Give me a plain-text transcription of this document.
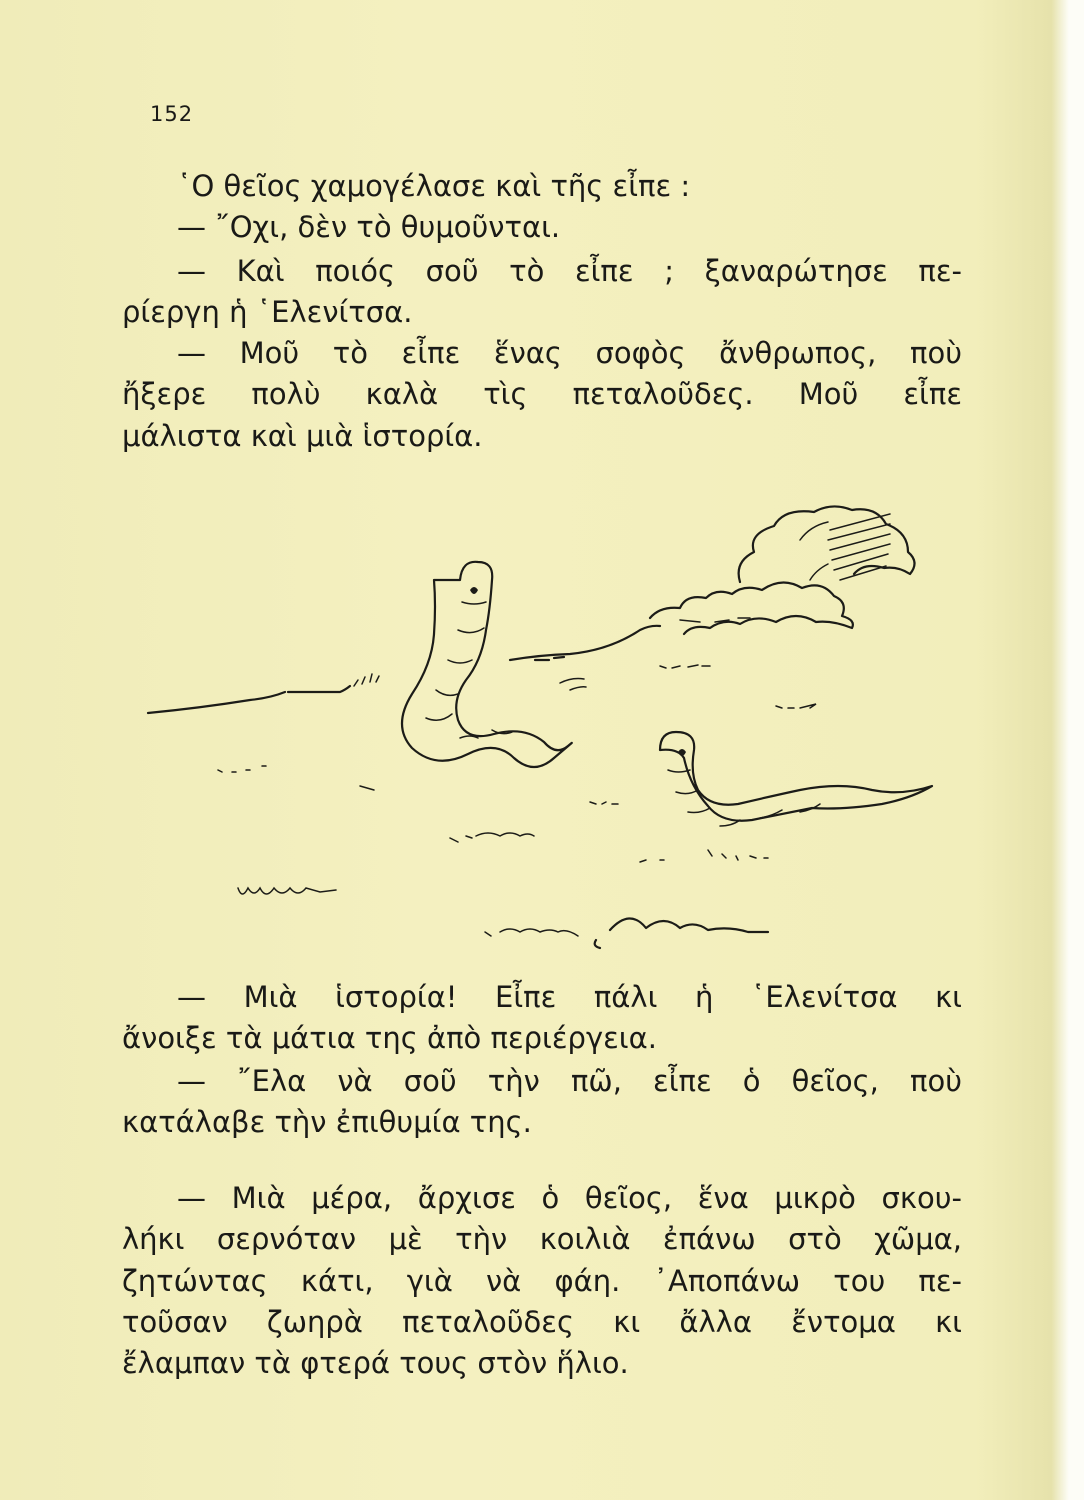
152
῾Ο θεῖος χαμογέλασε καὶ τῆς εἶπε :
— ῎Οχι, δὲν τὸ θυμοῦνται.
— Καὶ ποιός σοῦ τὸ εἶπε ; ξαναρώτησε πε-
ρίεργη ἡ ῾Ελενίτσα.
— Μοῦ τὸ εἶπε ἕνας σοφὸς ἄνθρωπος, ποὺ
ἤξερε πολὺ καλὰ τὶς πεταλοῦδες. Μοῦ εἶπε
μάλιστα καὶ μιὰ ἱστορία.
— Μιὰ ἱστορία! Εἶπε πάλι ἡ ῾Ελενίτσα κι
ἄνοιξε τὰ μάτια της ἀπὸ περιέργεια.
— ῎Ελα νὰ σοῦ τὴν πῶ, εἶπε ὁ θεῖος, ποὺ
κατάλαβε τὴν ἐπιθυμία της.
— Μιὰ μέρα, ἄρχισε ὁ θεῖος, ἕνα μικρὸ σκου-
λήκι σερνόταν μὲ τὴν κοιλιὰ ἐπάνω στὸ χῶμα,
ζητώντας κάτι, γιὰ νὰ φάη. ᾿Αποπάνω του πε-
τοῦσαν ζωηρὰ πεταλοῦδες κι ἄλλα ἔντομα κι
ἔλαμπαν τὰ φτερά τους στὸν ἥλιο.
